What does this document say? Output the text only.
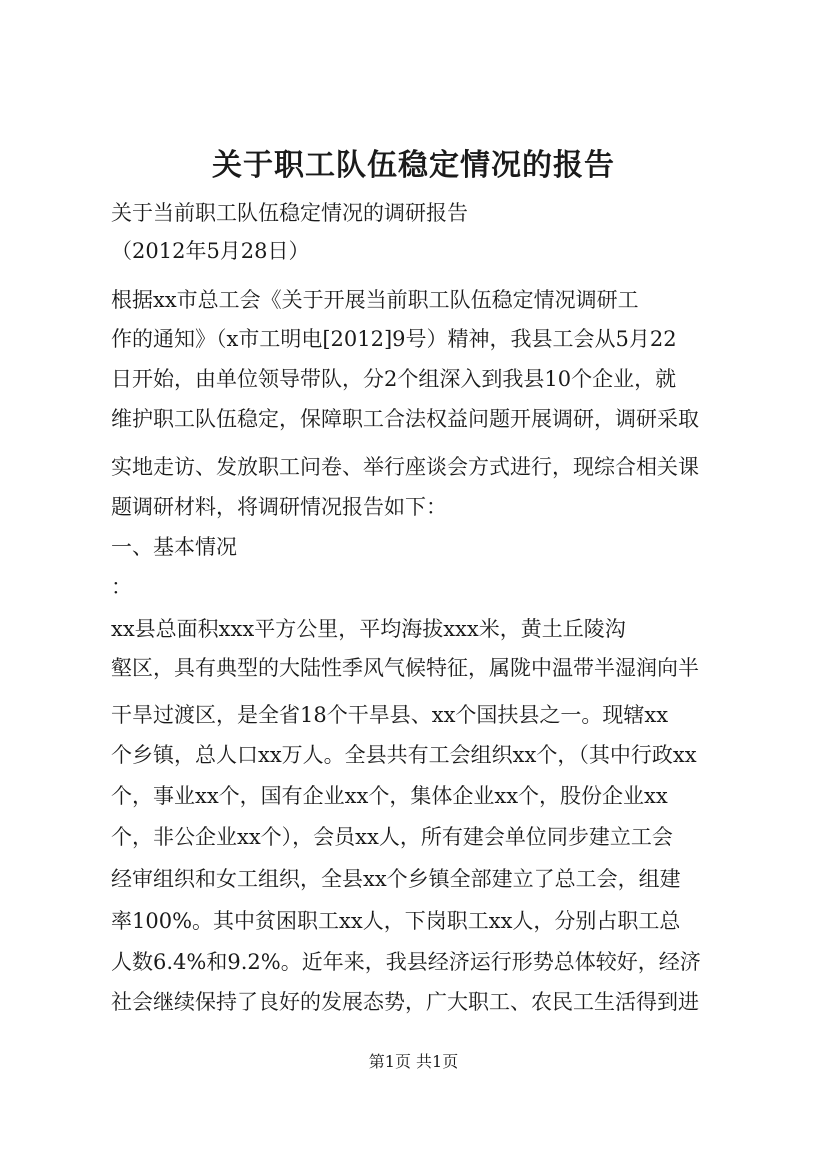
关于职工队伍稳定情况的报告
关于当前职工队伍稳定情况的调研报告
（2012年5月28日）
根据xx市总工会《关于开展当前职工队伍稳定情况调研工
作的通知》（x市工明电[2012]9号）精神，我县工会从5月22
日开始，由单位领导带队，分2个组深入到我县10个企业，就
维护职工队伍稳定，保障职工合法权益问题开展调研，调研采取
实地走访、发放职工问卷、举行座谈会方式进行，现综合相关课
题调研材料，将调研情况报告如下：
一、基本情况
：
xx县总面积xxx平方公里，平均海拔xxx米，黄土丘陵沟
壑区，具有典型的大陆性季风气候特征，属陇中温带半湿润向半
干旱过渡区，是全省18个干旱县、xx个国扶县之一。现辖xx
个乡镇，总人口xx万人。全县共有工会组织xx个，（其中行政xx
个，事业xx个，国有企业xx个，集体企业xx个，股份企业xx
个，非公企业xx个），会员xx人，所有建会单位同步建立工会
经审组织和女工组织，全县xx个乡镇全部建立了总工会，组建
率100%。其中贫困职工xx人，下岗职工xx人，分别占职工总
人数6.4%和9.2%。近年来，我县经济运行形势总体较好，经济
社会继续保持了良好的发展态势，广大职工、农民工生活得到进
第1页 共1页
